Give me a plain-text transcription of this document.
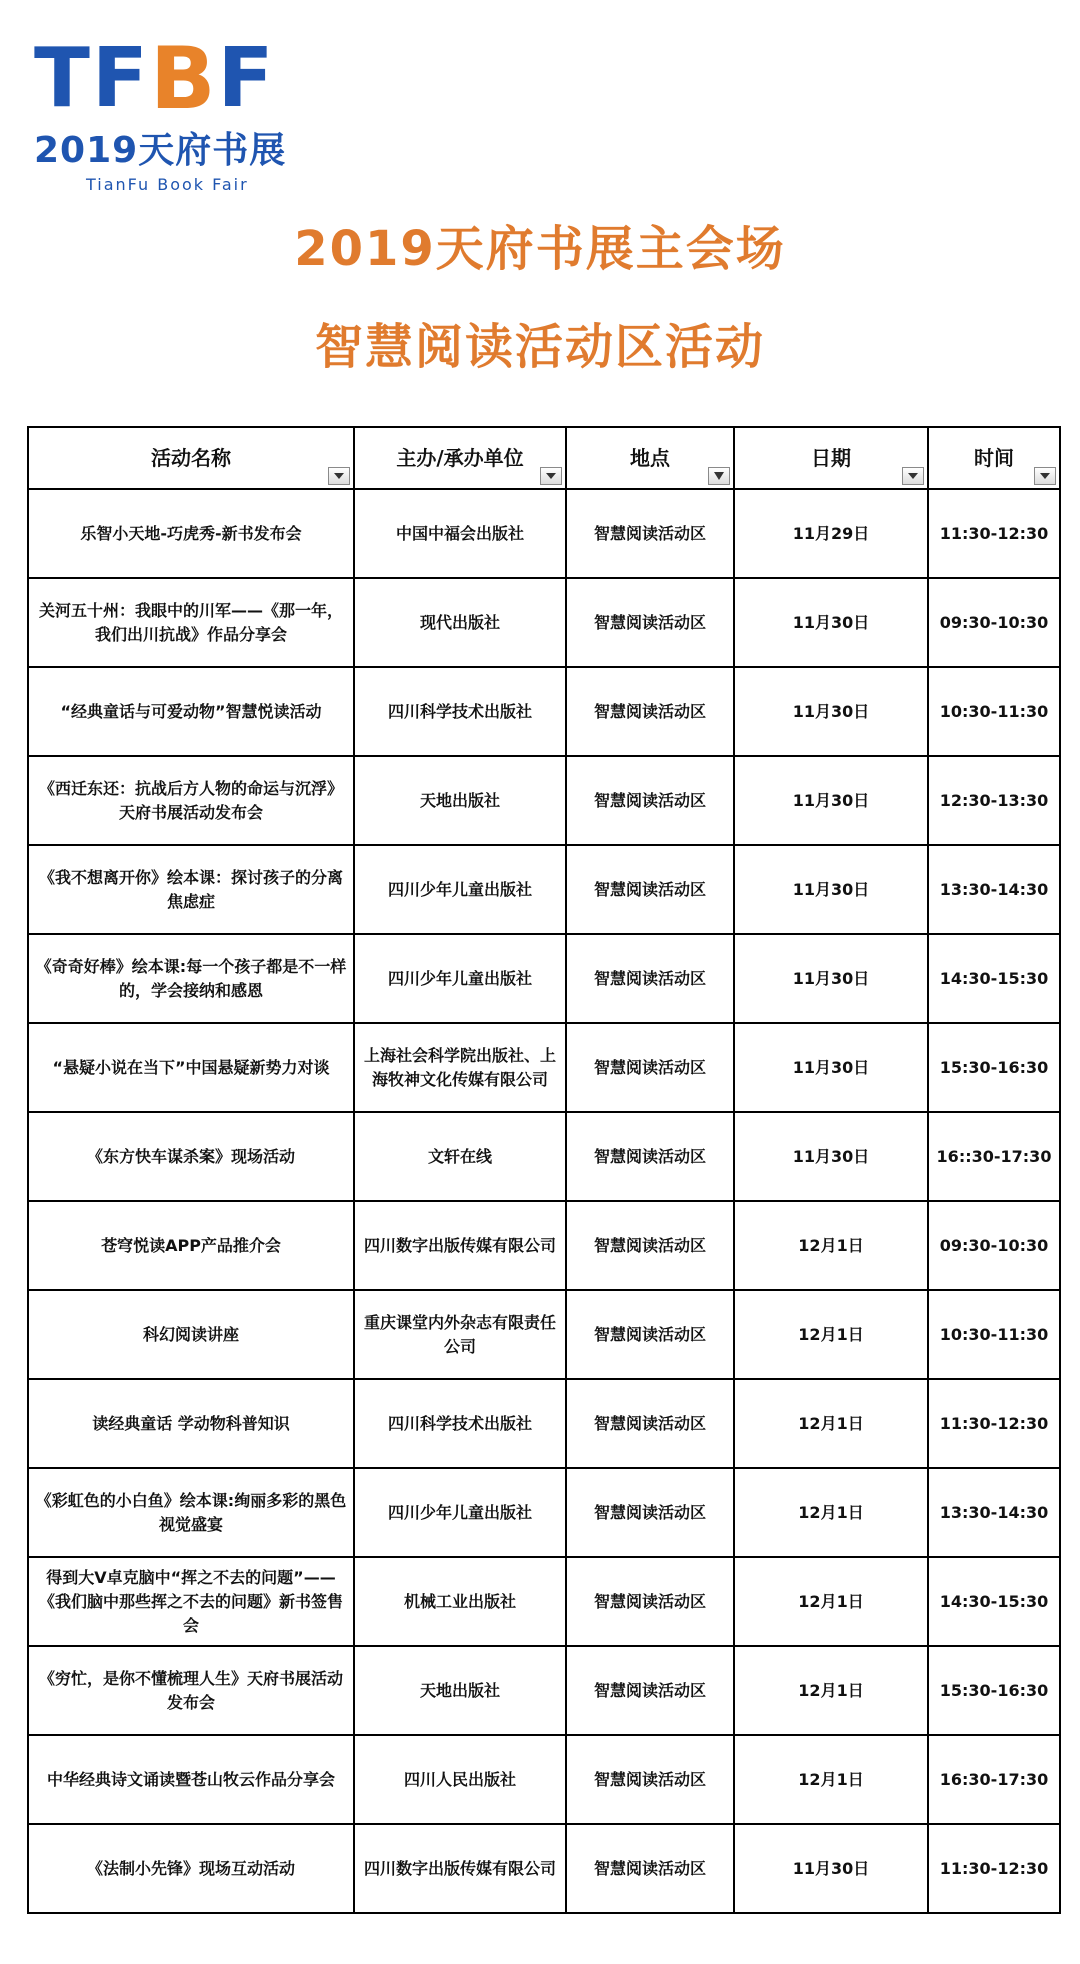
TF B F
2019天府书展
TianFu Book Fair
2019天府书展主会场
智慧阅读活动区活动
活动名称	主办/承办单位	地点	日期	时间

乐智小天地-巧虎秀-新书发布会	中国中福会出版社	智慧阅读活动区	11月29日	11:30-12:30
关河五十州：我眼中的川军——《那一年，我们出川抗战》作品分享会	现代出版社	智慧阅读活动区	11月30日	09:30-10:30
“经典童话与可爱动物”智慧悦读活动	四川科学技术出版社	智慧阅读活动区	11月30日	10:30-11:30
《西迁东还：抗战后方人物的命运与沉浮》天府书展活动发布会	天地出版社	智慧阅读活动区	11月30日	12:30-13:30
《我不想离开你》绘本课：探讨孩子的分离焦虑症	四川少年儿童出版社	智慧阅读活动区	11月30日	13:30-14:30
《奇奇好棒》绘本课:每一个孩子都是不一样的，学会接纳和感恩	四川少年儿童出版社	智慧阅读活动区	11月30日	14:30-15:30
“悬疑小说在当下”中国悬疑新势力对谈	上海社会科学院出版社、上海牧神文化传媒有限公司	智慧阅读活动区	11月30日	15:30-16:30
《东方快车谋杀案》现场活动	文轩在线	智慧阅读活动区	11月30日	16::30-17:30
苍穹悦读APP产品推介会	四川数字出版传媒有限公司	智慧阅读活动区	12月1日	09:30-10:30
科幻阅读讲座	重庆课堂内外杂志有限责任公司	智慧阅读活动区	12月1日	10:30-11:30
读经典童话 学动物科普知识	四川科学技术出版社	智慧阅读活动区	12月1日	11:30-12:30
《彩虹色的小白鱼》绘本课:绚丽多彩的黑色视觉盛宴	四川少年儿童出版社	智慧阅读活动区	12月1日	13:30-14:30
得到大V卓克脑中“挥之不去的问题”——《我们脑中那些挥之不去的问题》新书签售会	机械工业出版社	智慧阅读活动区	12月1日	14:30-15:30
《穷忙，是你不懂梳理人生》天府书展活动发布会	天地出版社	智慧阅读活动区	12月1日	15:30-16:30
中华经典诗文诵读暨苍山牧云作品分享会	四川人民出版社	智慧阅读活动区	12月1日	16:30-17:30
《法制小先锋》现场互动活动	四川数字出版传媒有限公司	智慧阅读活动区	11月30日	11:30-12:30
